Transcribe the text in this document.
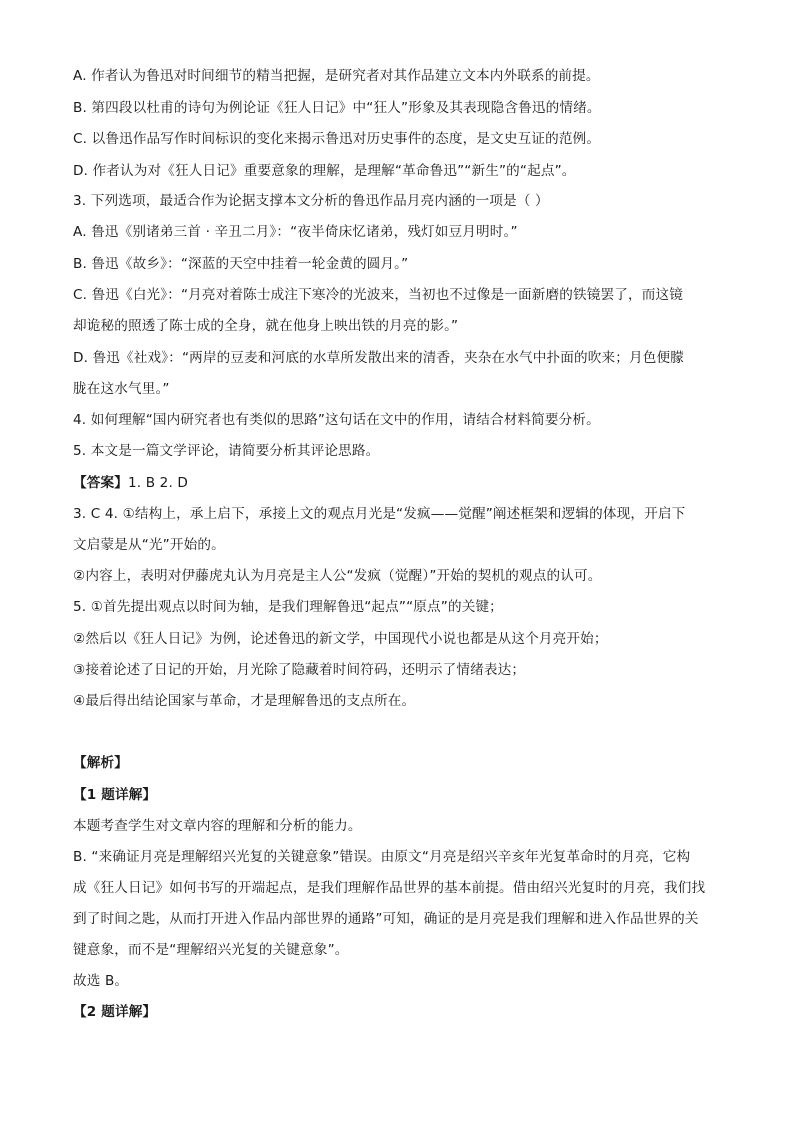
A. 作者认为鲁迅对时间细节的精当把握，是研究者对其作品建立文本内外联系的前提。
B. 第四段以杜甫的诗句为例论证《狂人日记》中“狂人”形象及其表现隐含鲁迅的情绪。
C. 以鲁迅作品写作时间标识的变化来揭示鲁迅对历史事件的态度，是文史互证的范例。
D. 作者认为对《狂人日记》重要意象的理解，是理解“革命鲁迅”“新生”的“起点”。
3. 下列选项，最适合作为论据支撑本文分析的鲁迅作品月亮内涵的一项是（ ）
A. 鲁迅《别诸弟三首 · 辛丑二月》：“夜半倚床忆诸弟，残灯如豆月明时。”
B. 鲁迅《故乡》：“深蓝的天空中挂着一轮金黄的圆月。”
C. 鲁迅《白光》：“月亮对着陈士成注下寒冷的光波来，当初也不过像是一面新磨的铁镜罢了，而这镜
却诡秘的照透了陈士成的全身，就在他身上映出铁的月亮的影。”
D. 鲁迅《社戏》：“两岸的豆麦和河底的水草所发散出来的清香，夹杂在水气中扑面的吹来；月色便朦
胧在这水气里。”
4. 如何理解“国内研究者也有类似的思路”这句话在文中的作用，请结合材料简要分析。
5. 本文是一篇文学评论，请简要分析其评论思路。
【答案】1. B 2. D
3. C 4. ①结构上，承上启下，承接上文的观点月光是“发疯——觉醒”阐述框架和逻辑的体现，开启下
文启蒙是从“光”开始的。
②内容上，表明对伊藤虎丸认为月亮是主人公“发疯（觉醒）”开始的契机的观点的认可。
5. ①首先提出观点以时间为轴，是我们理解鲁迅“起点”“原点”的关键；
②然后以《狂人日记》为例，论述鲁迅的新文学，中国现代小说也都是从这个月亮开始；
③接着论述了日记的开始，月光除了隐藏着时间符码，还明示了情绪表达；
④最后得出结论国家与革命，才是理解鲁迅的支点所在。
【解析】
【1 题详解】
本题考查学生对文章内容的理解和分析的能力。
B. “来确证月亮是理解绍兴光复的关键意象”错误。由原文“月亮是绍兴辛亥年光复革命时的月亮，它构
成《狂人日记》如何书写的开端起点，是我们理解作品世界的基本前提。借由绍兴光复时的月亮，我们找
到了时间之匙，从而打开进入作品内部世界的通路”可知，确证的是月亮是我们理解和进入作品世界的关
键意象，而不是“理解绍兴光复的关键意象”。
故选 B。
【2 题详解】
